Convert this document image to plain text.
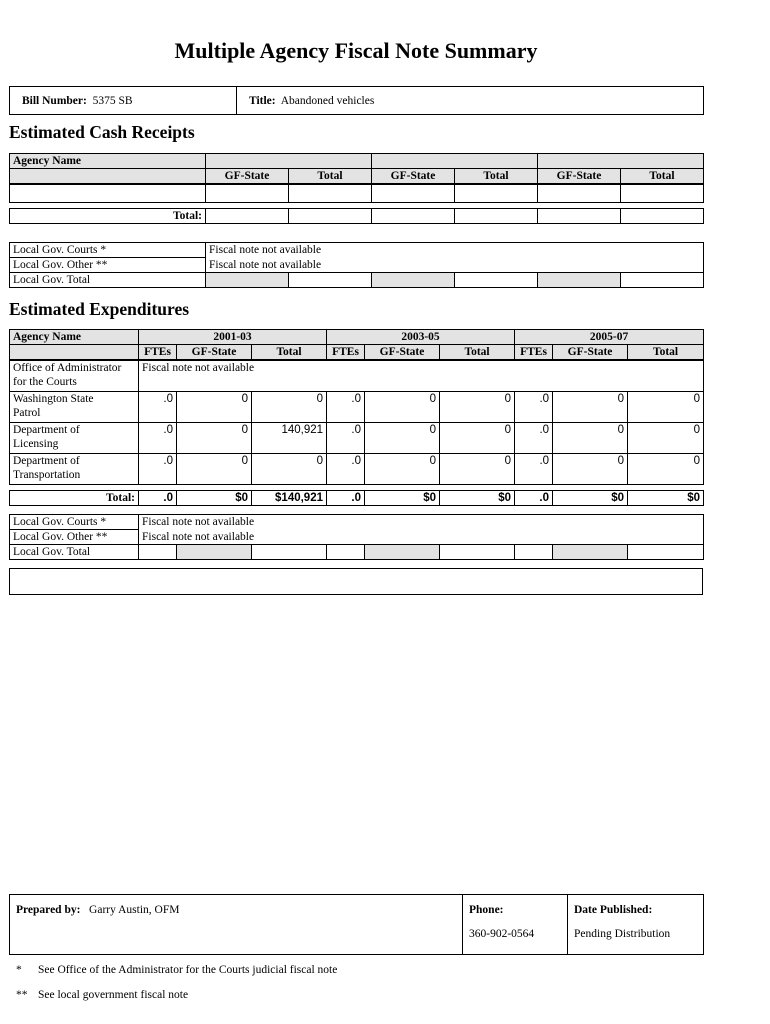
Multiple Agency Fiscal Note Summary
Bill Number: 5375 SB	Title: Abandoned vehicles
Estimated Cash Receipts
Agency Name						
	GF-State	Total	GF-State	Total	GF-State	Total

Total:						
Local Gov. Courts *	Fiscal note not available					
Local Gov. Other **	Fiscal note not available					
Local Gov. Total						
Estimated Expenditures
Agency Name	2001-03			2003-05			2005-07		
	FTEs	GF-State	Total	FTEs	GF-State	Total	FTEs	GF-State	Total

Office of Administrator
for the Courts	Fiscal note not available								

Washington State
Patrol	.0	0	0	.0	0	0	.0	0	0

Department of
Licensing	.0	0	140,921	.0	0	0	.0	0	0

Department of
Transportation	.0	0	0	.0	0	0	.0	0	0
Total:	.0	$0	$140,921	.0	$0	$0	.0	$0	$0
Local Gov. Courts *	Fiscal note not available								
Local Gov. Other **	Fiscal note not available								
Local Gov. Total									
Prepared by: Garry Austin, OFM	Phone:
360-902-0564

Date Published:
Pending Distribution
* See Office of the Administrator for the Courts judicial fiscal note
** See local government fiscal note
